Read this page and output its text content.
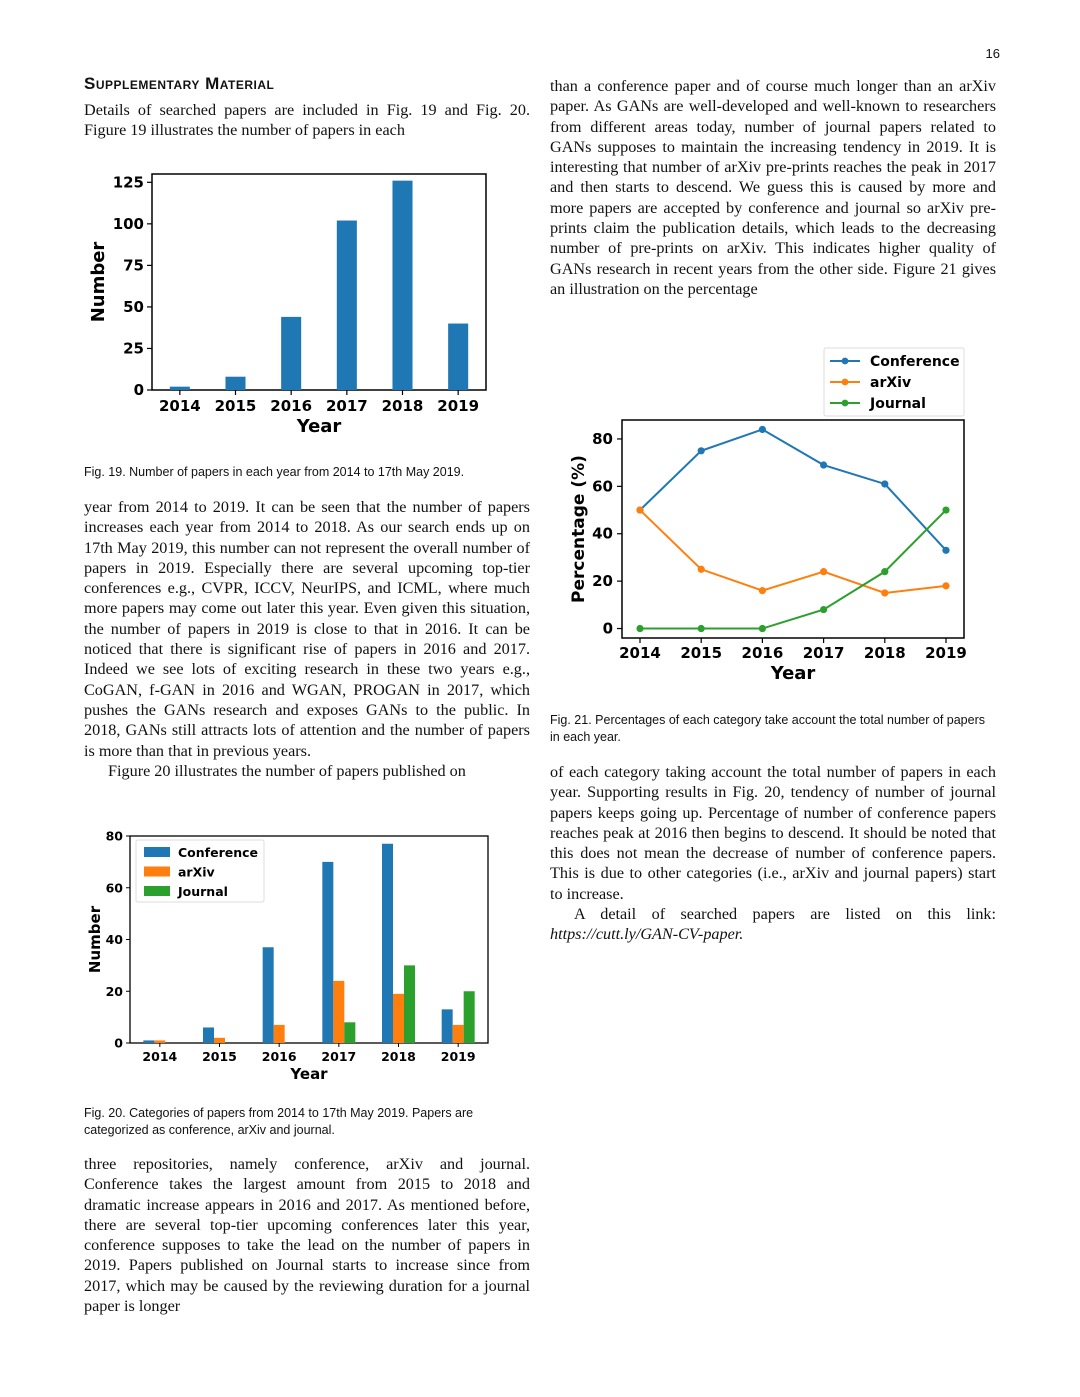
16
Supplementary Material

Details of searched papers are included in Fig. 19 and Fig. 20. Figure 19 illustrates the number of papers in each

0
25
50
75
100
125
2014 2015 2016 2017 2018 2019
Year
Number

Fig. 19. Number of papers in each year from 2014 to 17th May 2019.

year from 2014 to 2019. It can be seen that the number of papers increases each year from 2014 to 2018. As our search ends up on 17th May 2019, this number can not represent the overall number of papers in 2019. Especially there are several upcoming top-tier conferences e.g., CVPR, ICCV, NeurIPS, and ICML, where much more papers may come out later this year. Even given this situation, the number of papers in 2019 is close to that in 2016. It can be noticed that there is significant rise of papers in 2016 and 2017. Indeed we see lots of exciting research in these two years e.g., CoGAN, f-GAN in 2016 and WGAN, PROGAN in 2017, which pushes the GANs research and exposes GANs to the public. In 2018, GANs still attracts lots of attention and the number of papers is more than that in previous years.

Figure 20 illustrates the number of papers published on

0
20
40
60
80
2014 2015 2016 2017 2018 2019
Year
Number
Conference
arXiv
Journal

Fig. 20. Categories of papers from 2014 to 17th May 2019. Papers are categorized as conference, arXiv and journal.

three repositories, namely conference, arXiv and journal. Conference takes the largest amount from 2015 to 2018 and dramatic increase appears in 2016 and 2017. As mentioned before, there are several top-tier upcoming conferences later this year, conference supposes to take the lead on the number of papers in 2019. Papers published on Journal starts to increase since from 2017, which may be caused by the reviewing duration for a journal paper is longer

than a conference paper and of course much longer than an arXiv paper. As GANs are well-developed and well-known to researchers from different areas today, number of journal papers related to GANs supposes to maintain the increasing tendency in 2019. It is interesting that number of arXiv pre-prints reaches the peak in 2017 and then starts to descend. We guess this is caused by more and more papers are accepted by conference and journal so arXiv pre-prints claim the publication details, which leads to the decreasing number of pre-prints on arXiv. This indicates higher quality of GANs research in recent years from the other side. Figure 21 gives an illustration on the percentage

0
20
40
60
80
2014 2015 2016 2017 2018 2019
Year
Percentage (%)
Conference
arXiv
Journal

Fig. 21. Percentages of each category take account the total number of papers in each year.

of each category taking account the total number of papers in each year. Supporting results in Fig. 20, tendency of number of journal papers keeps going up. Percentage of number of conference papers reaches peak at 2016 then begins to descend. It should be noted that this does not mean the decrease of number of conference papers. This is due to other categories (i.e., arXiv and journal papers) start to increase.

A detail of searched papers are listed on this link: https://cutt.ly/GAN-CV-paper.
